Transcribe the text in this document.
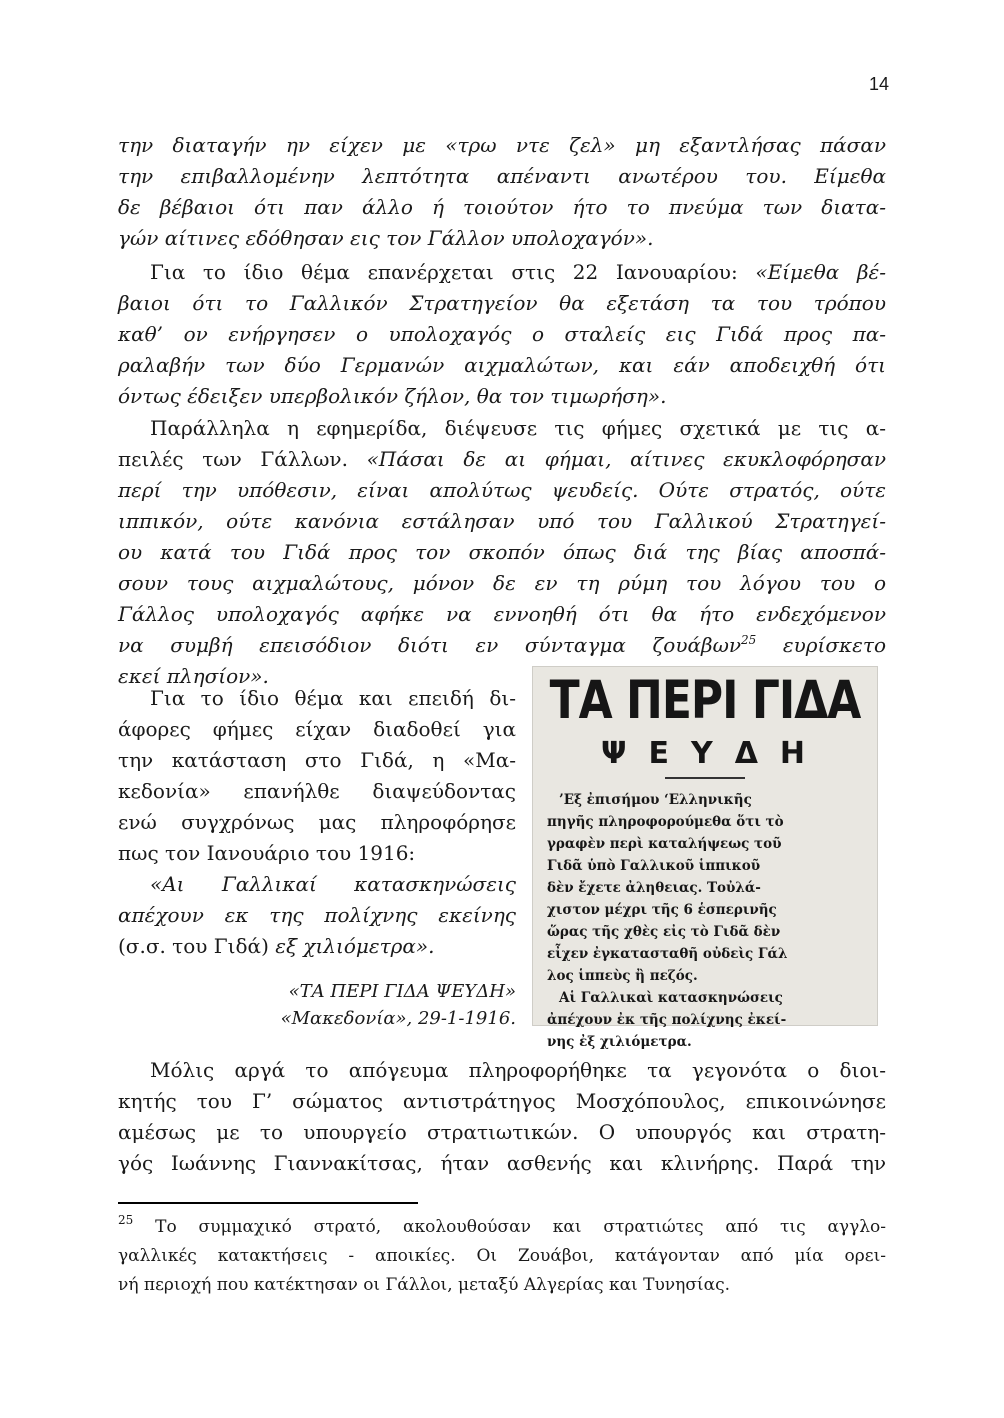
14
την διαταγήν ην είχεν με «τρω ντε ζελ» μη εξαντλήσας πάσαν
την επιβαλλομένην λεπτότητα απέναντι ανωτέρου του. Είμεθα
δε βέβαιοι ότι παν άλλο ή τοιούτον ήτο το πνεύμα των διατα-
γών αίτινες εδόθησαν εις τον Γάλλον υπολοχαγόν».
Για το ίδιο θέμα επανέρχεται στις 22 Ιανουαρίου: «Είμεθα βέ-
βαιοι ότι το Γαλλικόν Στρατηγείον θα εξετάση τα του τρόπου
καθ’ ον ενήργησεν ο υπολοχαγός ο σταλείς εις Γιδά προς πα-
ραλαβήν των δύο Γερμανών αιχμαλώτων, και εάν αποδειχθή ότι
όντως έδειξεν υπερβολικόν ζήλον, θα τον τιμωρήση».
Παράλληλα η εφημερίδα, διέψευσε τις φήμες σχετικά με τις α-
πειλές των Γάλλων. «Πάσαι δε αι φήμαι, αίτινες εκυκλοφόρησαν
περί την υπόθεσιν, είναι απολύτως ψευδείς. Ούτε στρατός, ούτε
ιππικόν, ούτε κανόνια εστάλησαν υπό του Γαλλικού Στρατηγεί-
ου κατά του Γιδά προς τον σκοπόν όπως διά της βίας αποσπά-
σουν τους αιχμαλώτους, μόνον δε εν τη ρύμη του λόγου του ο
Γάλλος υπολοχαγός αφήκε να εννοηθή ότι θα ήτο ενδεχόμενον
να συμβή επεισόδιον διότι εν σύνταγμα ζουάβων$^{25}$ ευρίσκετο
εκεί πλησίον».
Για το ίδιο θέμα και επειδή δι-
άφορες φήμες είχαν διαδοθεί για
την κατάσταση στο Γιδά, η «Μα-
κεδονία» επανήλθε διαψεύδοντας
ενώ συγχρόνως μας πληροφόρησε
πως τον Ιανουάριο του 1916:
«Αι Γαλλικαί κατασκηνώσεις
απέχουν εκ της πολίχνης εκείνης
(σ.σ. του Γιδά) εξ χιλιόμετρα».
«ΤΑ ΠΕΡΙ ΓΙΔΑ ΨΕΥΔΗ»
«Μακεδονία», 29-1-1916.
ΤΑ ΠΕΡΙ ΓΙΔΑ
ΨΕΥΔΗ
’Εξ ἐπισήμου ‘Ελληνικῆς
πηγῆς πληροφορούμεθα ὅτι τὸ
γραφὲν περὶ καταλήψεως τοῦ
Γιδᾶ ὑπὸ Γαλλικοῦ ἱππικοῦ
δὲν ἔχετε ἀληθειας. Τοὐλά-
χιστον μέχρι τῆς 6 ἑσπερινῆς
ὥρας τῆς χθὲς εἰς τὸ Γιδᾶ δὲν
εἶχεν ἐγκατασταθῆ οὐδεὶς Γάλ
λος ἱππεὺς ἢ πεζός.
Αἱ Γαλλικαὶ κατασκηνώσεις
ἀπέχουν ἐκ τῆς πολίχνης ἐκεί-
νης ἐξ χιλιόμετρα.
Μόλις αργά το απόγευμα πληροφορήθηκε τα γεγονότα ο διοι-
κητής του Γ’ σώματος αντιστράτηγος Μοσχόπουλος, επικοινώνησε
αμέσως με το υπουργείο στρατιωτικών. Ο υπουργός και στρατη-
γός Ιωάννης Γιαννακίτσας, ήταν ασθενής και κλινήρης. Παρά την
$^{25}$ Το συμμαχικό στρατό, ακολουθούσαν και στρατιώτες από τις αγγλο-
γαλλικές κατακτήσεις - αποικίες. Οι Ζουάβοι, κατάγονταν από μία ορει-
νή περιοχή που κατέκτησαν οι Γάλλοι, μεταξύ Αλγερίας και Τυνησίας.
